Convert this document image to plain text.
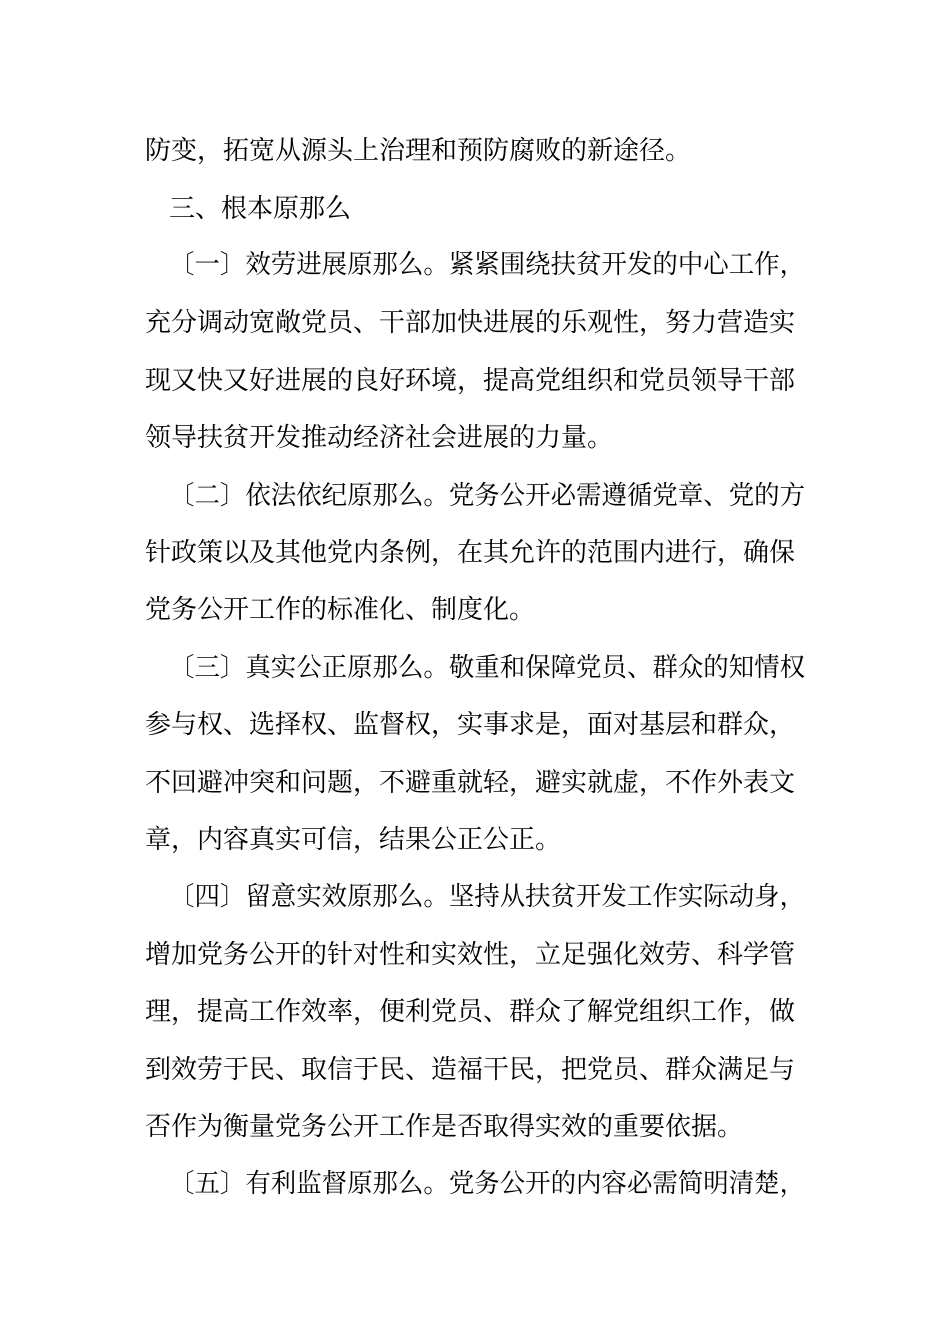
防变，拓宽从源头上治理和预防腐败的新途径。
三、根本原那么
〔一〕效劳进展原那么。紧紧围绕扶贫开发的中心工作，
充分调动宽敞党员、干部加快进展的乐观性，努力营造实
现又快又好进展的良好环境，提高党组织和党员领导干部
领导扶贫开发推动经济社会进展的力量。
〔二〕依法依纪原那么。党务公开必需遵循党章、党的方
针政策以及其他党内条例，在其允许的范围内进行，确保
党务公开工作的标准化、制度化。
〔三〕真实公正原那么。敬重和保障党员、群众的知情权
参与权、选择权、监督权，实事求是，面对基层和群众，
不回避冲突和问题，不避重就轻，避实就虚，不作外表文
章，内容真实可信，结果公正公正。
〔四〕留意实效原那么。坚持从扶贫开发工作实际动身，
增加党务公开的针对性和实效性，立足强化效劳、科学管
理，提高工作效率，便利党员、群众了解党组织工作，做
到效劳于民、取信于民、造福干民，把党员、群众满足与
否作为衡量党务公开工作是否取得实效的重要依据。
〔五〕有利监督原那么。党务公开的内容必需简明清楚，
